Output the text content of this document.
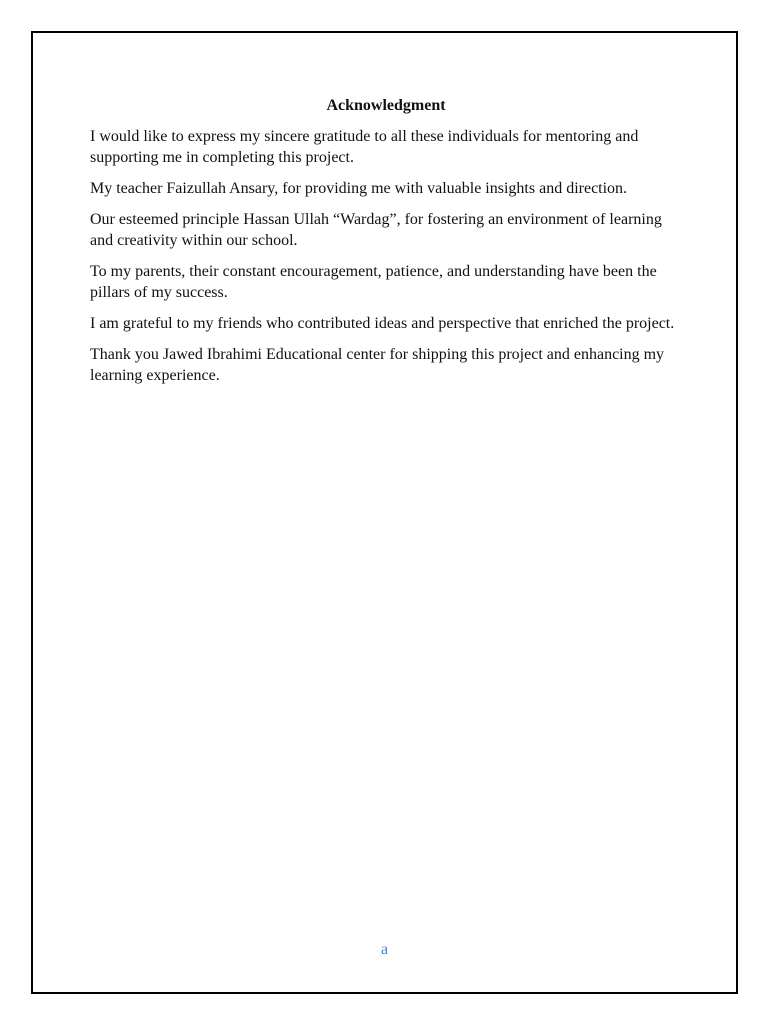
Acknowledgment

I would like to express my sincere gratitude to all these individuals for mentoring and supporting me in completing this project.

My teacher Faizullah Ansary, for providing me with valuable insights and direction.

Our esteemed principle Hassan Ullah “Wardag”, for fostering an environment of learning and creativity within our school.

To my parents, their constant encouragement, patience, and understanding have been the pillars of my success.

I am grateful to my friends who contributed ideas and perspective that enriched the project.

Thank you Jawed Ibrahimi Educational center for shipping this project and enhancing my learning experience.

a
